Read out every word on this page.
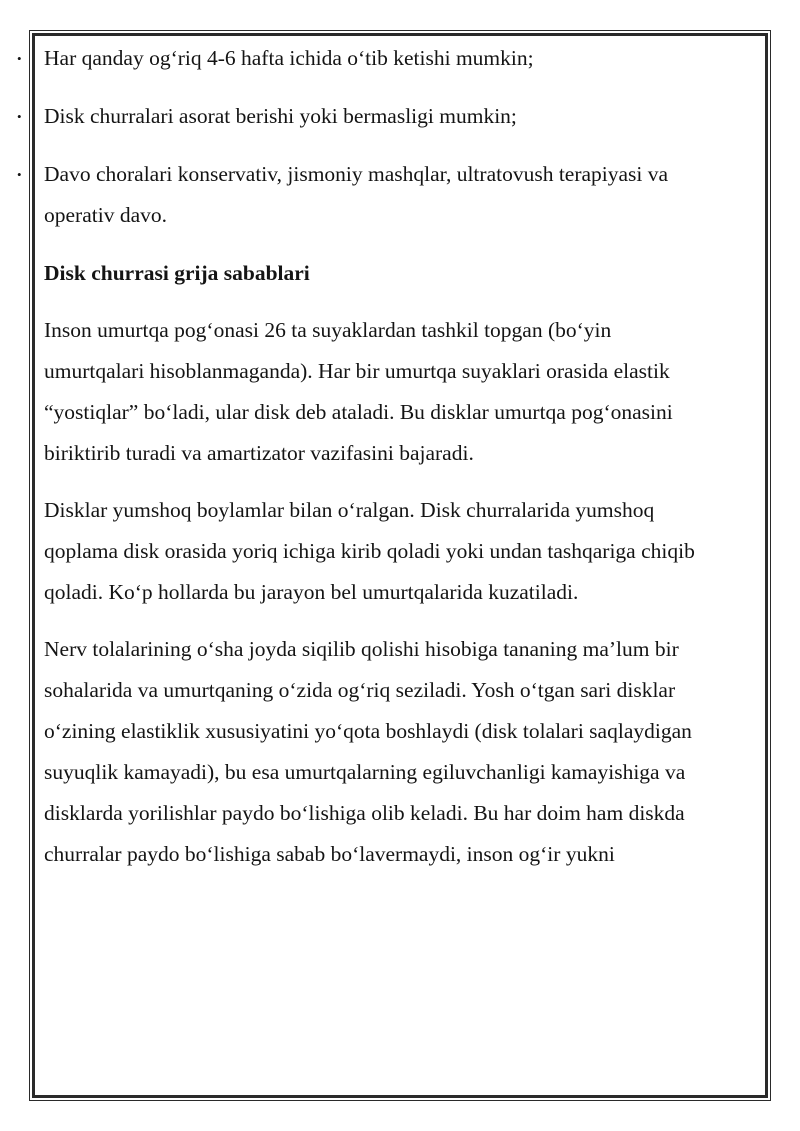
• Har qanday og‘riq 4-6 hafta ichida o‘tib ketishi mumkin;
• Disk churralari asorat berishi yoki bermasligi mumkin;
• Davo choralari konservativ, jismoniy mashqlar, ultratovush terapiyasi va operativ davo.
Disk churrasi grija sabablari

Inson umurtqa pog‘onasi 26 ta suyaklardan tashkil topgan (bo‘yin umurtqalari hisoblanmaganda). Har bir umurtqa suyaklari orasida elastik “yostiqlar” bo‘ladi, ular disk deb ataladi. Bu disklar umurtqa pog‘onasini biriktirib turadi va amartizator vazifasini bajaradi.

Disklar yumshoq boylamlar bilan o‘ralgan. Disk churralarida yumshoq qoplama disk orasida yoriq ichiga kirib qoladi yoki undan tashqariga chiqib qoladi. Ko‘p hollarda bu jarayon bel umurtqalarida kuzatiladi.

Nerv tolalarining o‘sha joyda siqilib qolishi hisobiga tananing ma’lum bir sohalarida va umurtqaning o‘zida og‘riq seziladi. Yosh o‘tgan sari disklar o‘zining elastiklik xususiyatini yo‘qota boshlaydi (disk tolalari saqlaydigan suyuqlik kamayadi), bu esa umurtqalarning egiluvchanligi kamayishiga va disklarda yorilishlar paydo bo‘lishiga olib keladi. Bu har doim ham diskda churralar paydo bo‘lishiga sabab bo‘lavermaydi, inson og‘ir yukni
